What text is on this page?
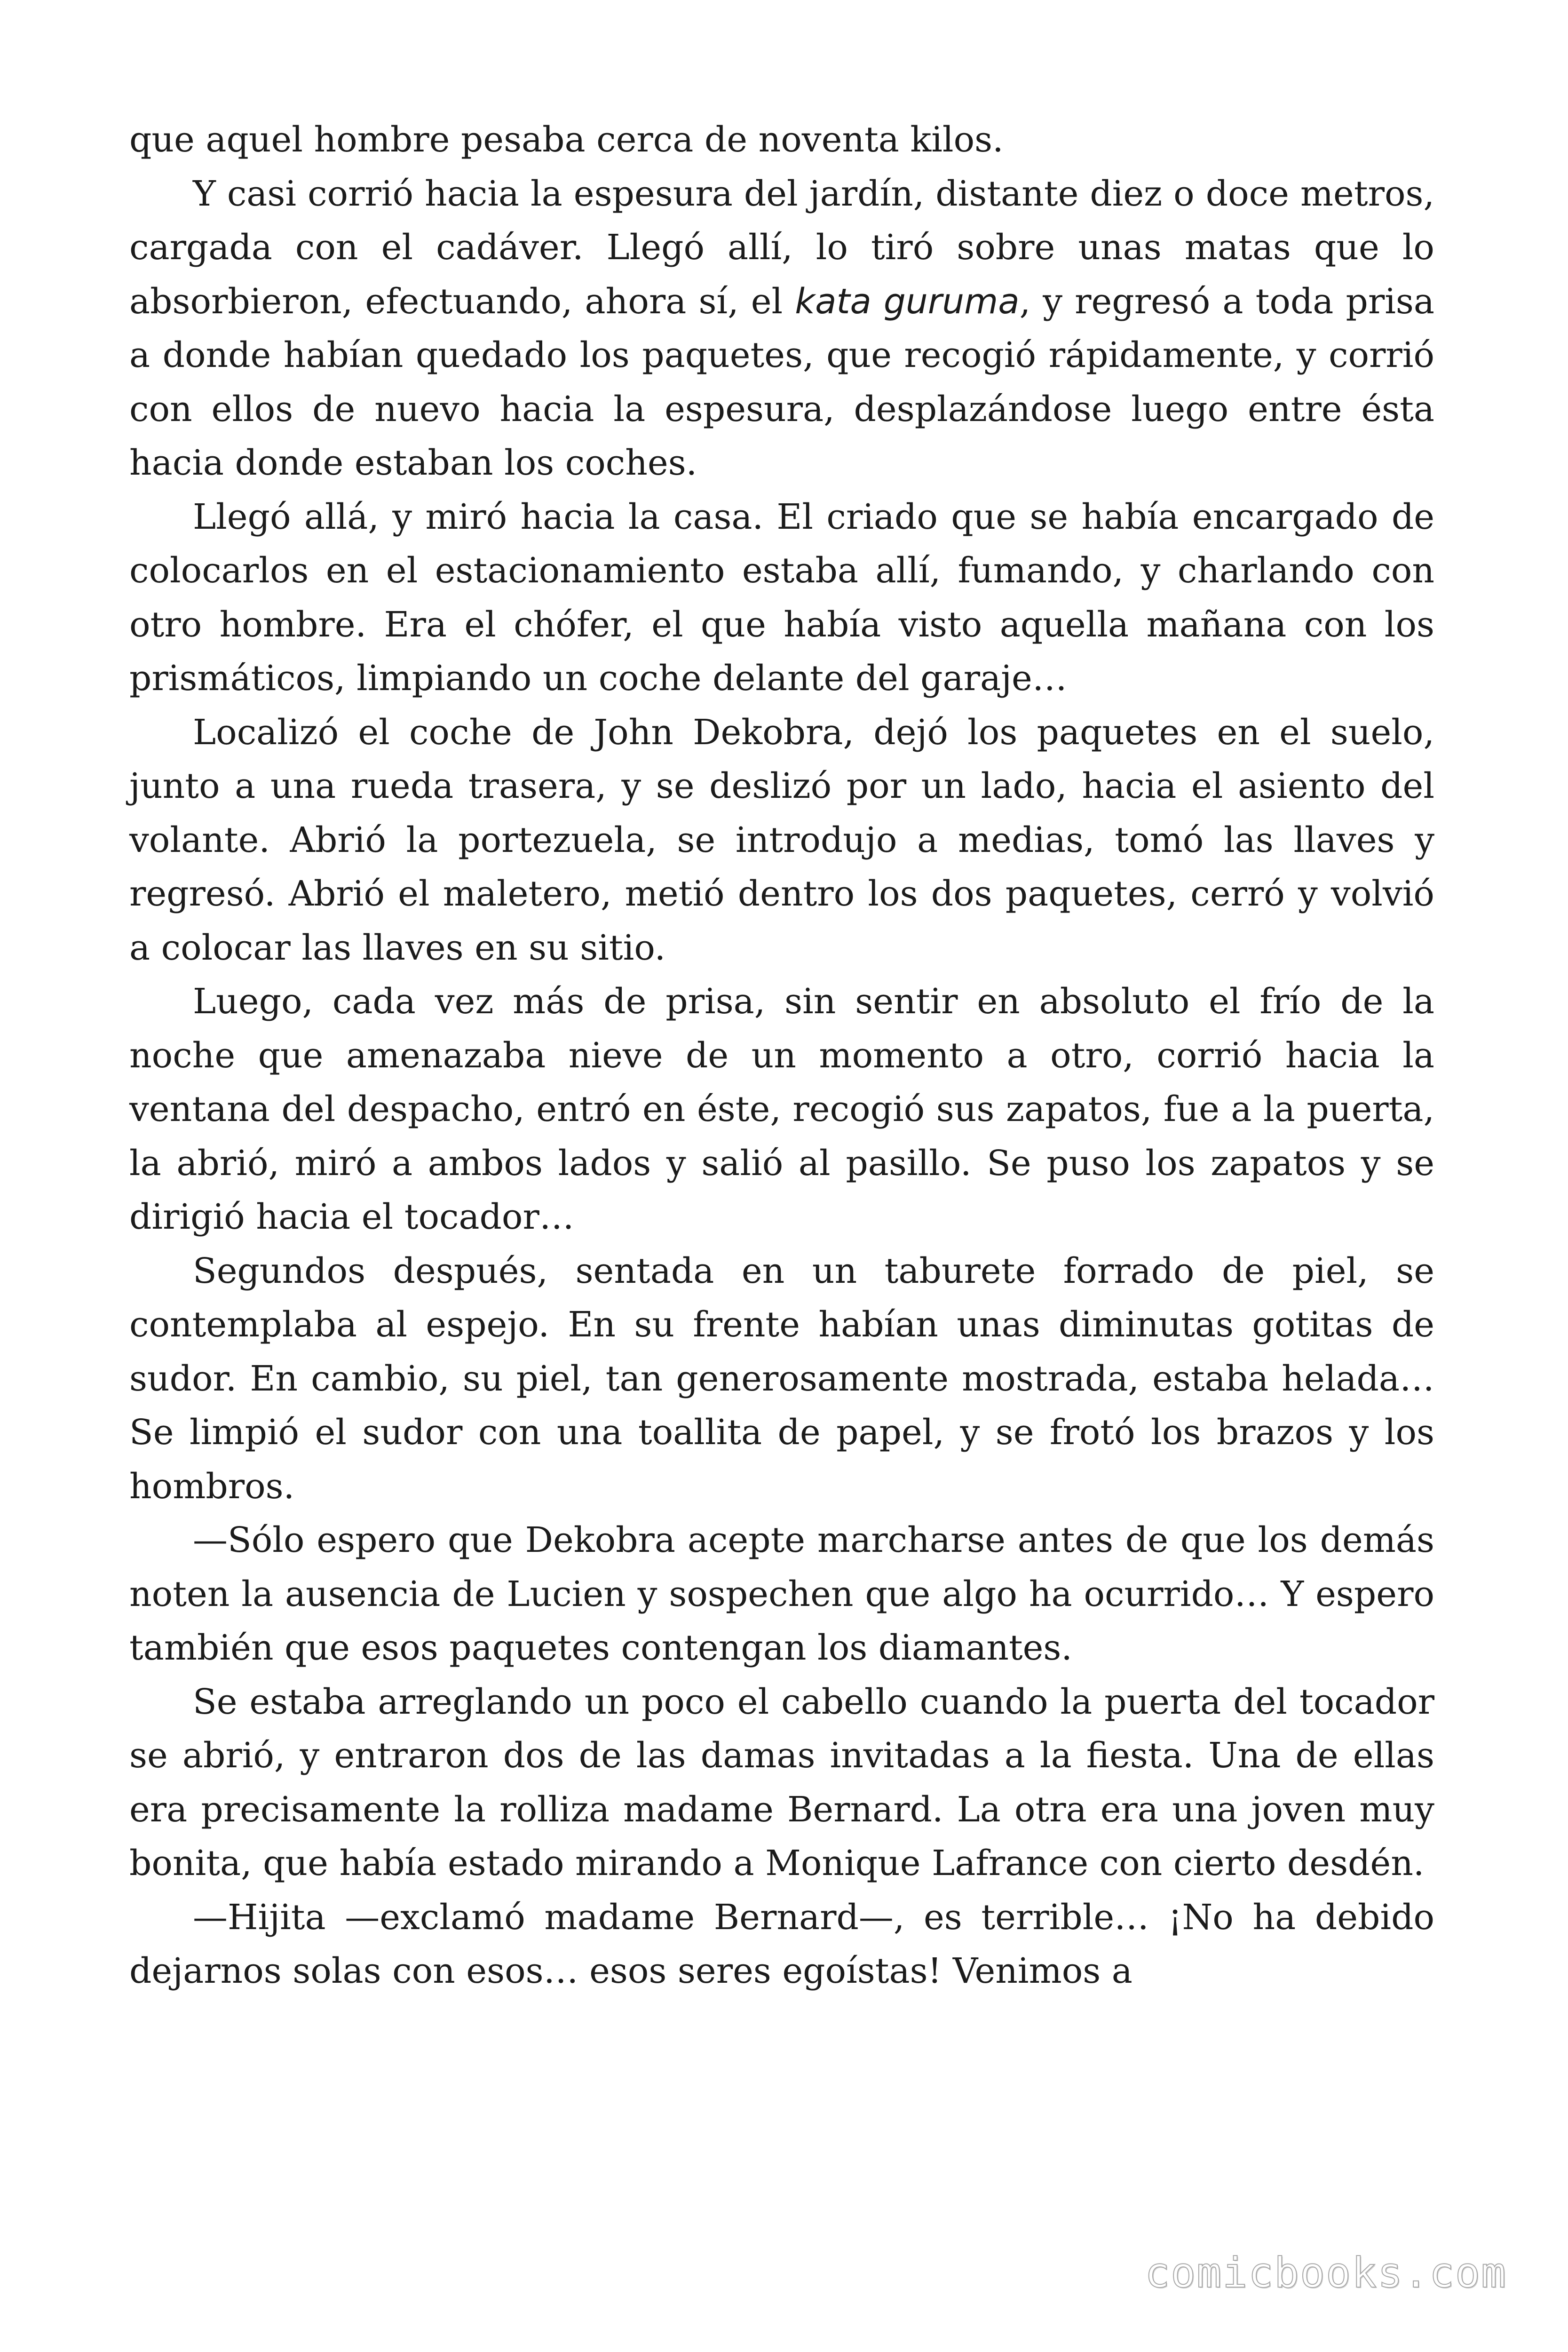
que aquel hombre pesaba cerca de noventa kilos.

Y casi corrió hacia la espesura del jardín, distante diez o doce metros, cargada con el cadáver. Llegó allí, lo tiró sobre unas matas que lo absorbieron, efectuando, ahora sí, el kata guruma, y regresó a toda prisa a donde habían quedado los paquetes, que recogió rápidamente, y corrió con ellos de nuevo hacia la espesura, desplazándose luego entre ésta hacia donde estaban los coches.

Llegó allá, y miró hacia la casa. El criado que se había encargado de colocarlos en el estacionamiento estaba allí, fumando, y charlando con otro hombre. Era el chófer, el que había visto aquella mañana con los prismáticos, limpiando un coche delante del garaje…

Localizó el coche de John Dekobra, dejó los paquetes en el suelo, junto a una rueda trasera, y se deslizó por un lado, hacia el asiento del volante. Abrió la portezuela, se introdujo a medias, tomó las llaves y regresó. Abrió el maletero, metió dentro los dos paquetes, cerró y volvió a colocar las llaves en su sitio.

Luego, cada vez más de prisa, sin sentir en absoluto el frío de la noche que amenazaba nieve de un momento a otro, corrió hacia la ventana del despacho, entró en éste, recogió sus zapatos, fue a la puerta, la abrió, miró a ambos lados y salió al pasillo. Se puso los zapatos y se dirigió hacia el tocador…

Segundos después, sentada en un taburete forrado de piel, se contemplaba al espejo. En su frente habían unas diminutas gotitas de sudor. En cambio, su piel, tan generosamente mostrada, estaba helada… Se limpió el sudor con una toallita de papel, y se frotó los brazos y los hombros.

—Sólo espero que Dekobra acepte marcharse antes de que los demás noten la ausencia de Lucien y sospechen que algo ha ocurrido… Y espero también que esos paquetes contengan los diamantes.

Se estaba arreglando un poco el cabello cuando la puerta del tocador se abrió, y entraron dos de las damas invitadas a la fiesta. Una de ellas era precisamente la rolliza madame Bernard. La otra era una joven muy bonita, que había estado mirando a Monique Lafrance con cierto desdén.

—Hijita —exclamó madame Bernard—, es terrible… ¡No ha debido dejarnos solas con esos… esos seres egoístas! Venimos a

comicbooks.com
